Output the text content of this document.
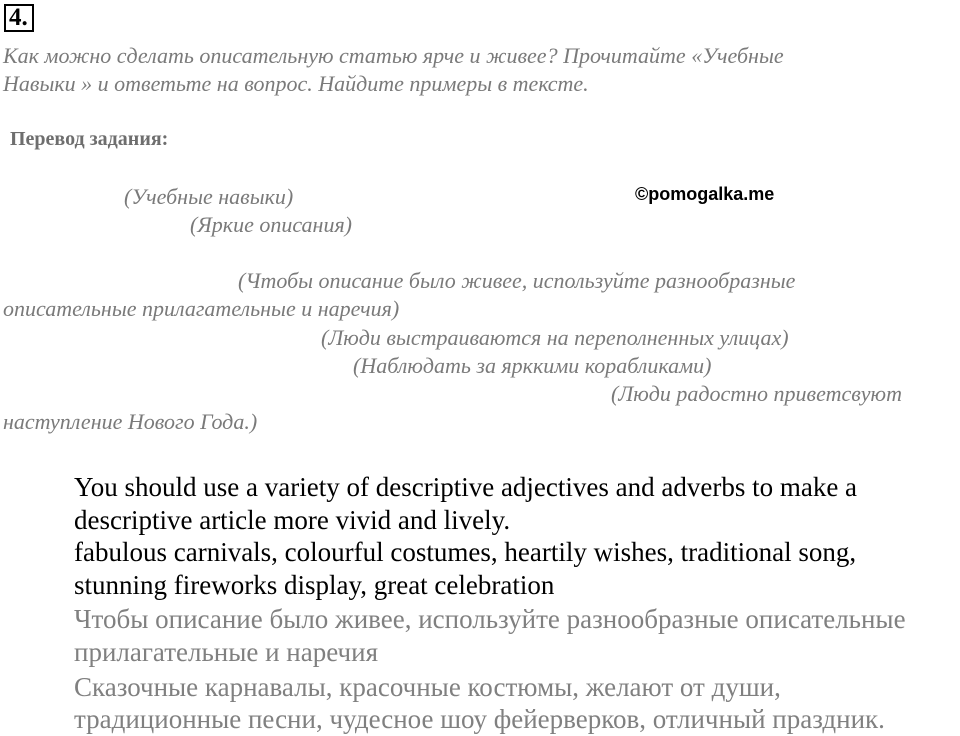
4.
Как можно сделать описательную статью ярче и живее? Прочитайте «Учебные
Навыки » и ответьте на вопрос. Найдите примеры в тексте.
Перевод задания:
(Учебные навыки)	©pomogalka.me
(Яркие описания)
(Чтобы описание было живее, используйте разнообразные
описательные прилагательные и наречия)
(Люди выстраиваются на переполненных улицах)
(Наблюдать за ярккими корабликами)
(Люди радостно приветсвуют
наступление Нового Года.)
You should use a variety of descriptive adjectives and adverbs to make a
descriptive article more vivid and lively.
fabulous carnivals, colourful costumes, heartily wishes, traditional song,
stunning fireworks display, great celebration
Чтобы описание было живее, используйте разнообразные описательные
прилагательные и наречия
Сказочные карнавалы, красочные костюмы, желают от души,
традиционные песни, чудесное шоу фейерверков, отличный праздник.
